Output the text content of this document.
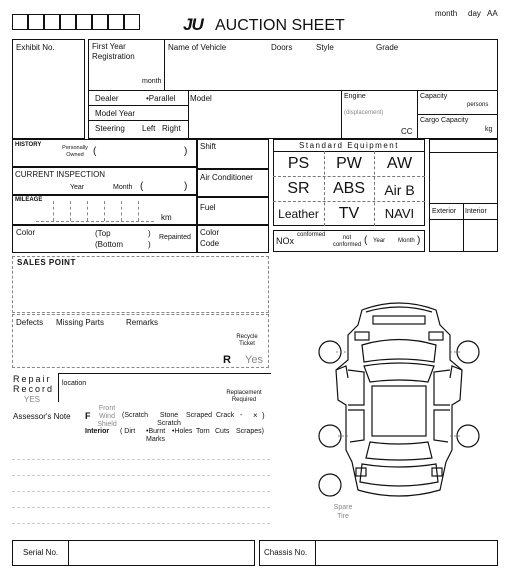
JU AUCTION SHEET
month day AA
Exhibit No.	First Year Registration
month
Name of Vehicle	Doors	Style	Grade
Dealer	•Parallel
Model Year
Steering Left Right
Model	Engine
(displacement)
CC
Capacity
persons
Cargo Capacity
kg
HISTORY	Personally Owned (	)
CURRENT INSPECTION
Year	Month (	)
MILEAGE
km
Color	(Top
(Bottom
)
)
Repainted
Shift
Air Conditioner
Fuel
Color Code
Standard Equipment
PS	PW	AW
SR	ABS	Air B
Leather	TV	NAVI
NOx
conformed	not conformed ( Year Month )
Exterior Interior
SALES POINT
Defects Missing Parts	Remarks
Recycle Ticket
R Yes
Repair
Record
YES
location
Replacement Required
Assessor's Note F
Front Wind Shield
(Scratch	Stone Scratch
Scraped Crack - × )
Interior ( Dirt •Burnt Marks
•Holes Torn Cuts Scrapes)
Spare Tire
Serial No.	Chassis No.
